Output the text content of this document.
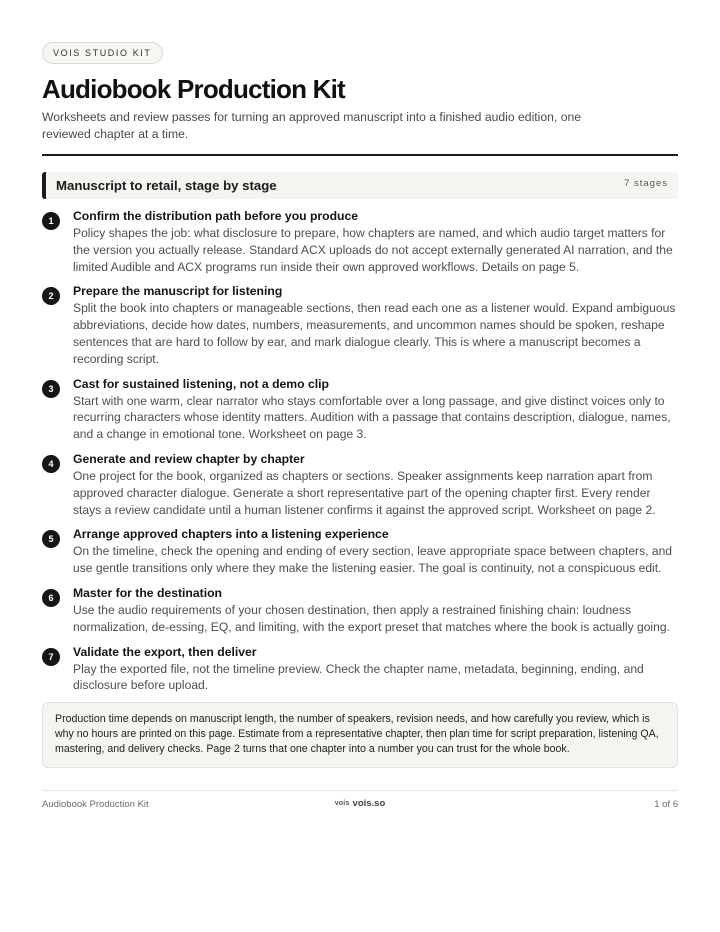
VOIS STUDIO KIT
Audiobook Production Kit
Worksheets and review passes for turning an approved manuscript into a finished audio edition, one reviewed chapter at a time.
Manuscript to retail, stage by stage	7 stages
1	Confirm the distribution path before you produce
Policy shapes the job: what disclosure to prepare, how chapters are named, and which audio target matters for the version you actually release. Standard ACX uploads do not accept externally generated AI narration, and the limited Audible and ACX programs run inside their own approved workflows. Details on page 5.
2	Prepare the manuscript for listening
Split the book into chapters or manageable sections, then read each one as a listener would. Expand ambiguous abbreviations, decide how dates, numbers, measurements, and uncommon names should be spoken, reshape sentences that are hard to follow by ear, and mark dialogue clearly. This is where a manuscript becomes a recording script.
3	Cast for sustained listening, not a demo clip
Start with one warm, clear narrator who stays comfortable over a long passage, and give distinct voices only to recurring characters whose identity matters. Audition with a passage that contains description, dialogue, names, and a change in emotional tone. Worksheet on page 3.
4	Generate and review chapter by chapter
One project for the book, organized as chapters or sections. Speaker assignments keep narration apart from approved character dialogue. Generate a short representative part of the opening chapter first. Every render stays a review candidate until a human listener confirms it against the approved script. Worksheet on page 2.
5	Arrange approved chapters into a listening experience
On the timeline, check the opening and ending of every section, leave appropriate space between chapters, and use gentle transitions only where they make the listening easier. The goal is continuity, not a conspicuous edit.
6	Master for the destination
Use the audio requirements of your chosen destination, then apply a restrained finishing chain: loudness normalization, de-essing, EQ, and limiting, with the export preset that matches where the book is actually going.
7	Validate the export, then deliver
Play the exported file, not the timeline preview. Check the chapter name, metadata, beginning, ending, and disclosure before upload.
Production time depends on manuscript length, the number of speakers, revision needs, and how carefully you review, which is why no hours are printed on this page. Estimate from a representative chapter, then plan time for script preparation, listening QA, mastering, and delivery checks. Page 2 turns that one chapter into a number you can trust for the whole book.
Audiobook Production Kit	vois vois.so	1 of 6
